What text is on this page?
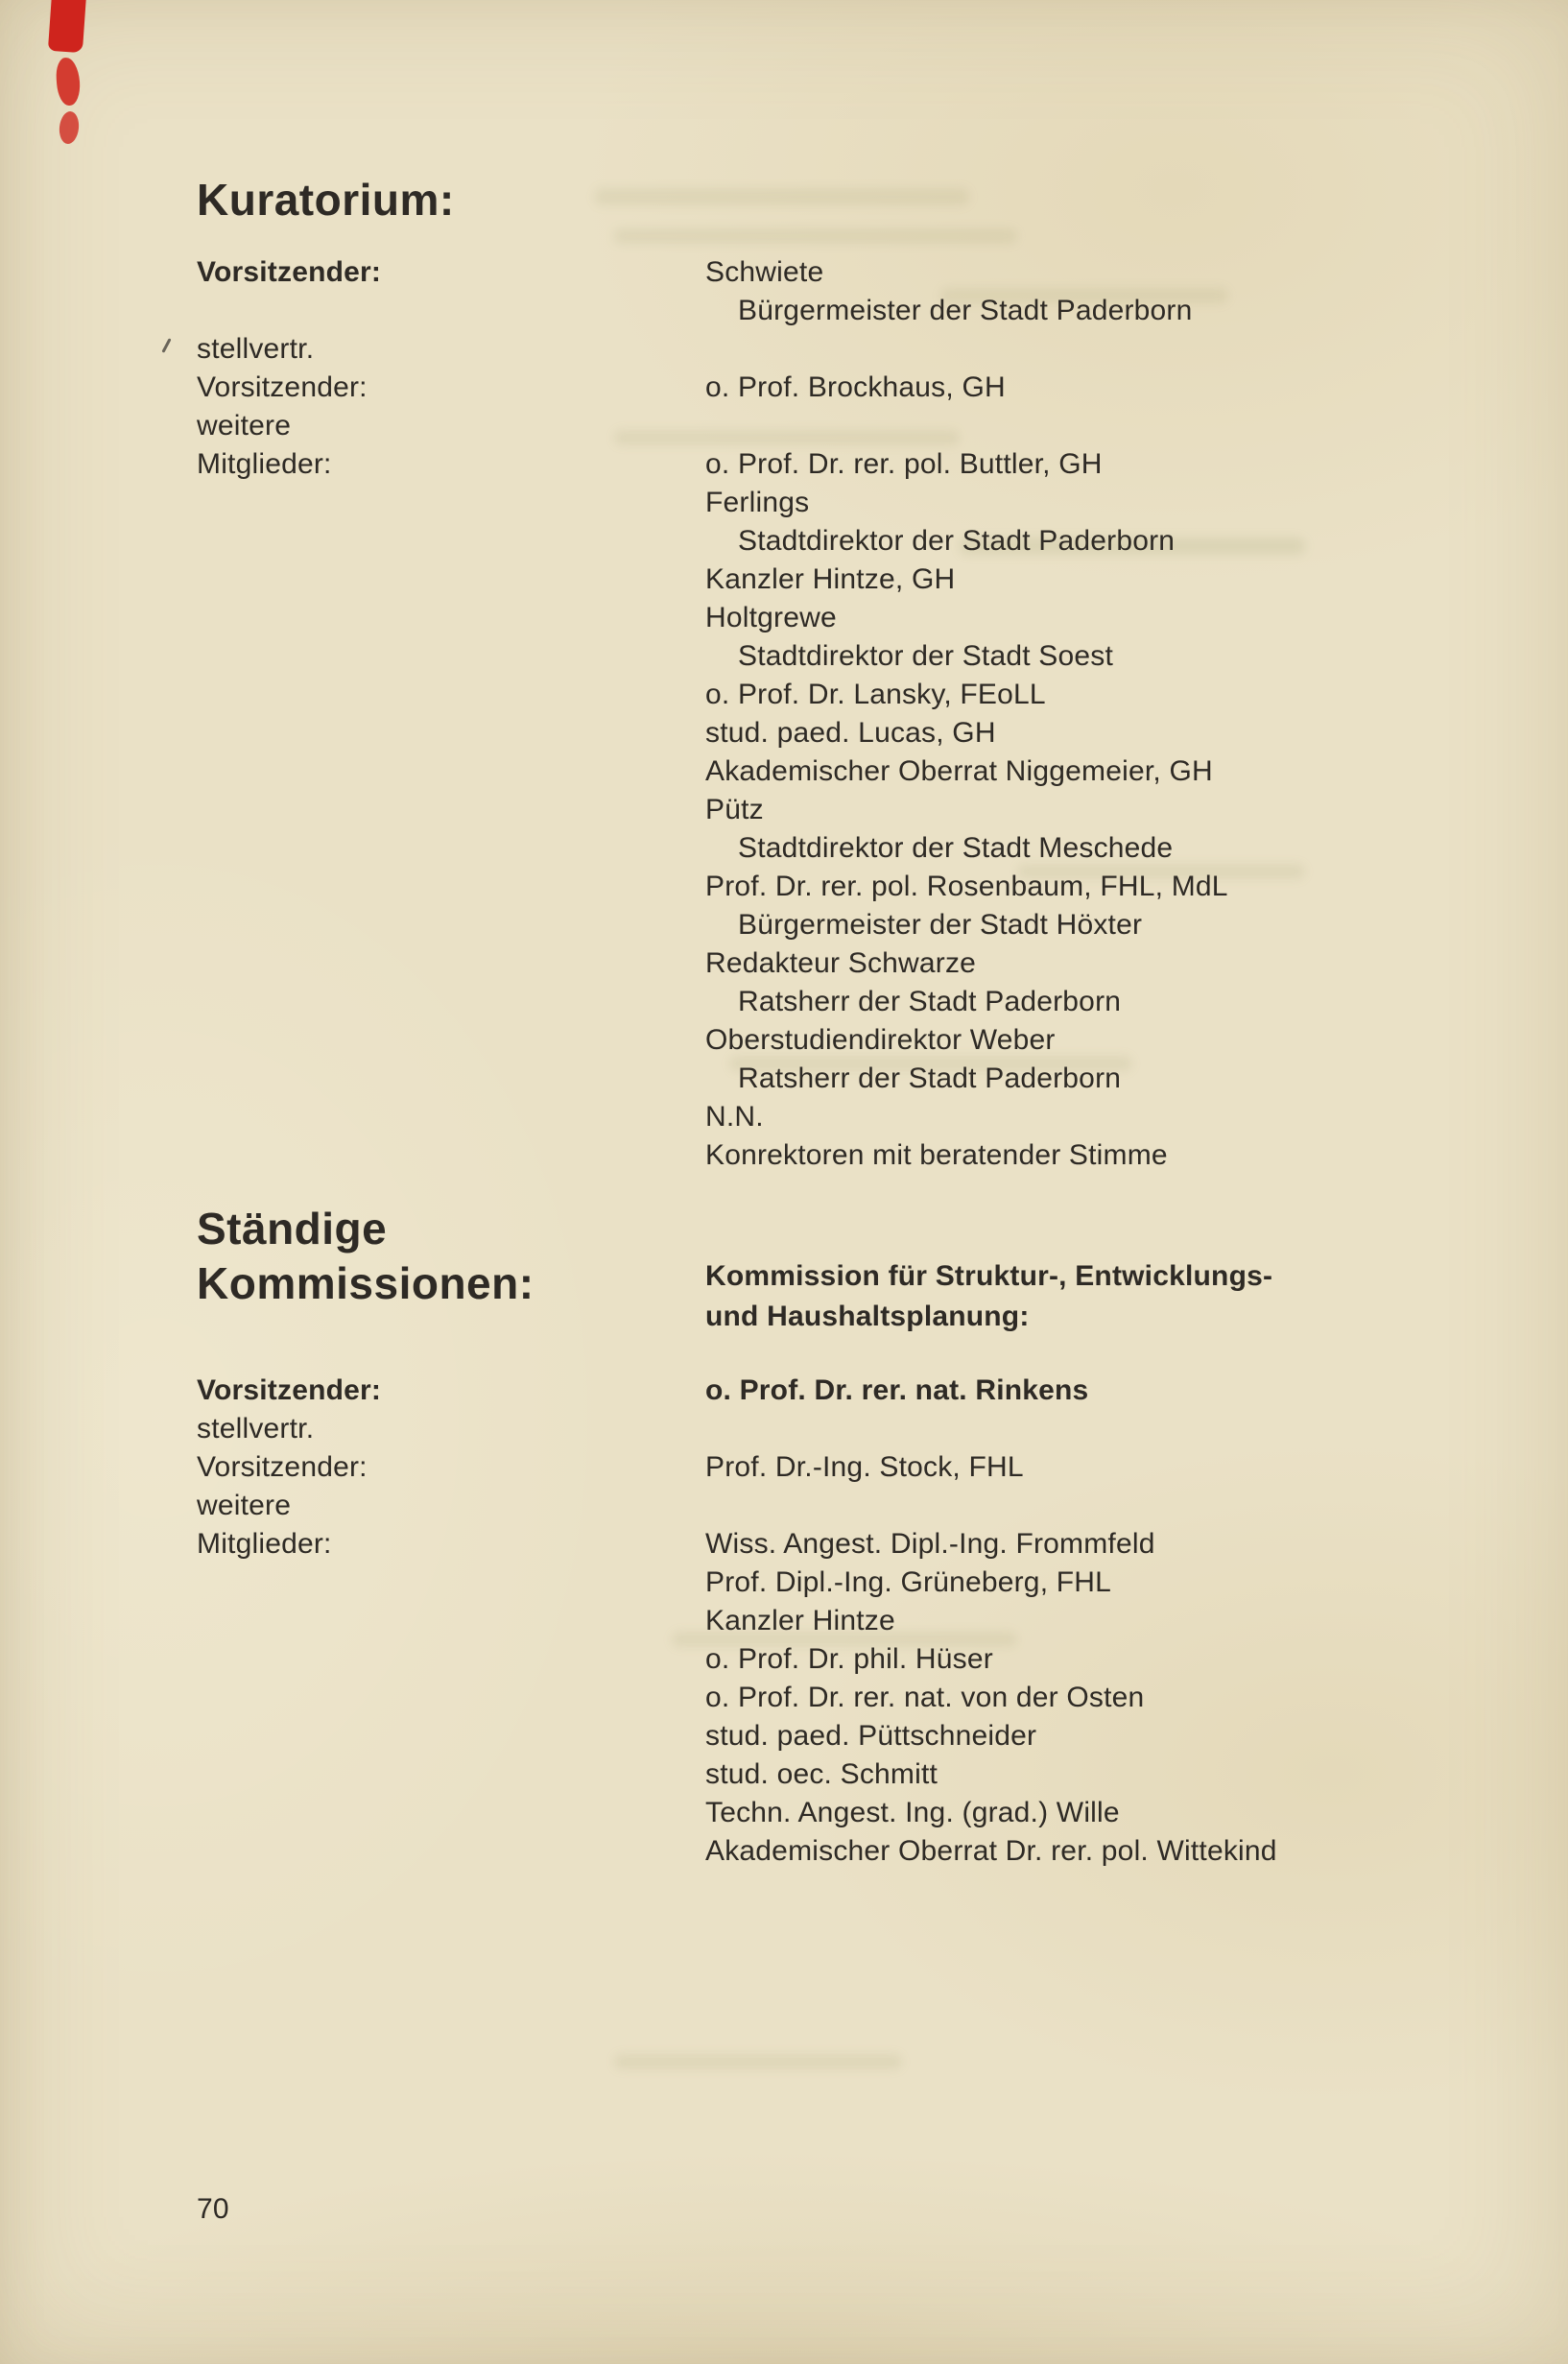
Kuratorium:
Vorsitzender:	Schwiete
Bürgermeister der Stadt Paderborn
stellvertr.
Vorsitzender:	o. Prof. Brockhaus, GH
weitere
Mitglieder:	o. Prof. Dr. rer. pol. Buttler, GH
Ferlings
Stadtdirektor der Stadt Paderborn
Kanzler Hintze, GH
Holtgrewe
Stadtdirektor der Stadt Soest
o. Prof. Dr. Lansky, FEoLL
stud. paed. Lucas, GH
Akademischer Oberrat Niggemeier, GH
Pütz
Stadtdirektor der Stadt Meschede
Prof. Dr. rer. pol. Rosenbaum, FHL, MdL
Bürgermeister der Stadt Höxter
Redakteur Schwarze
Ratsherr der Stadt Paderborn
Oberstudiendirektor Weber
Ratsherr der Stadt Paderborn
N.N.
Konrektoren mit beratender Stimme
Ständige
Kommissionen:	Kommission für Struktur-, Entwicklungs-
und Haushaltsplanung:
Vorsitzender:	o. Prof. Dr. rer. nat. Rinkens
stellvertr.
Vorsitzender:	Prof. Dr.-Ing. Stock, FHL
weitere
Mitglieder:	Wiss. Angest. Dipl.-Ing. Frommfeld
Prof. Dipl.-Ing. Grüneberg, FHL
Kanzler Hintze
o. Prof. Dr. phil. Hüser
o. Prof. Dr. rer. nat. von der Osten
stud. paed. Püttschneider
stud. oec. Schmitt
Techn. Angest. Ing. (grad.) Wille
Akademischer Oberrat Dr. rer. pol. Wittekind
70
